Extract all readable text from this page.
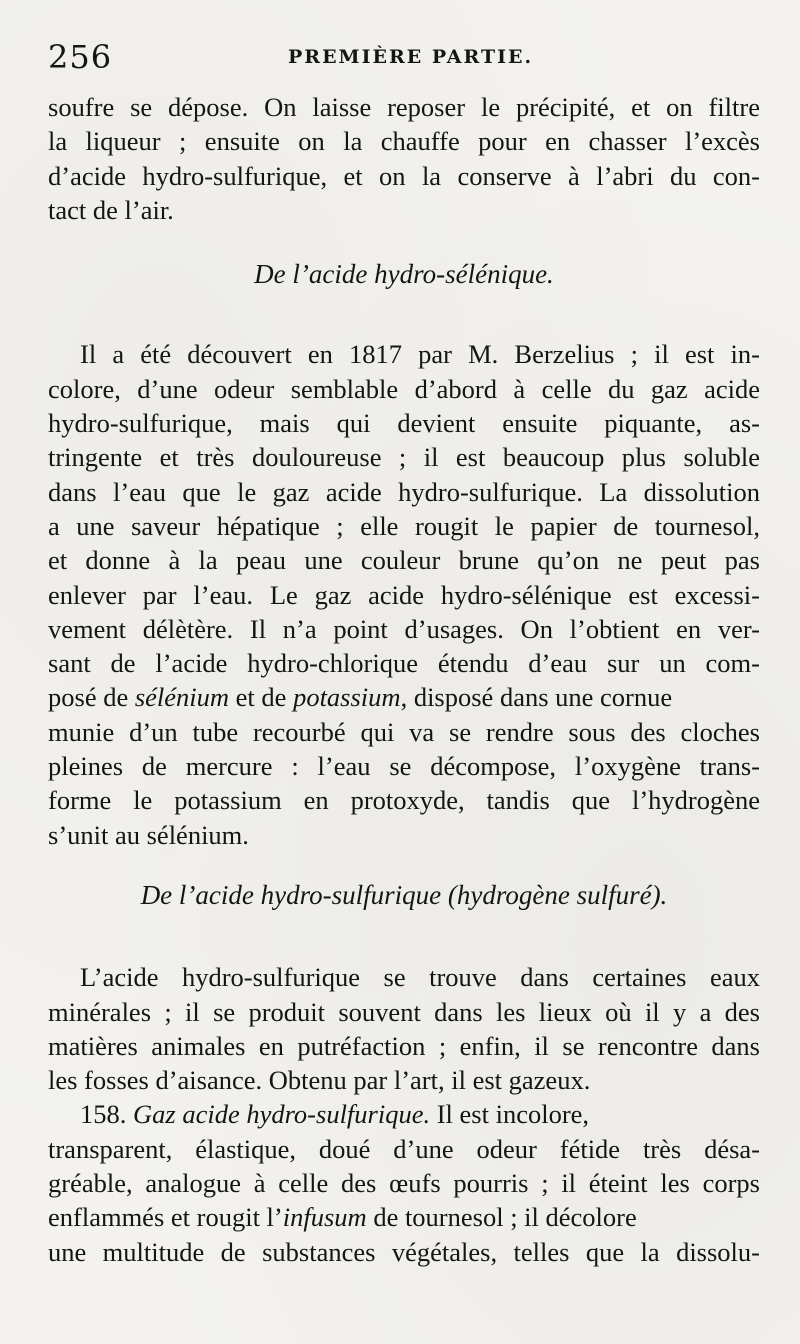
256	PREMIÈRE PARTIE.
soufre se dépose. On laisse reposer le précipité, et on filtre
la liqueur ; ensuite on la chauffe pour en chasser l’excès
d’acide hydro-sulfurique, et on la conserve à l’abri du con-
tact de l’air.
De l’acide hydro-sélénique.
Il a été découvert en 1817 par M. Berzelius ; il est in-
colore, d’une odeur semblable d’abord à celle du gaz acide
hydro-sulfurique, mais qui devient ensuite piquante, as-
tringente et très douloureuse ; il est beaucoup plus soluble
dans l’eau que le gaz acide hydro-sulfurique. La dissolution
a une saveur hépatique ; elle rougit le papier de tournesol,
et donne à la peau une couleur brune qu’on ne peut pas
enlever par l’eau. Le gaz acide hydro-sélénique est excessi-
vement délètère. Il n’a point d’usages. On l’obtient en ver-
sant de l’acide hydro-chlorique étendu d’eau sur un com-
posé de sélénium et de potassium, disposé dans une cornue
munie d’un tube recourbé qui va se rendre sous des cloches
pleines de mercure : l’eau se décompose, l’oxygène trans-
forme le potassium en protoxyde, tandis que l’hydrogène
s’unit au sélénium.
De l’acide hydro-sulfurique (hydrogène sulfuré).
L’acide hydro-sulfurique se trouve dans certaines eaux
minérales ; il se produit souvent dans les lieux où il y a des
matières animales en putréfaction ; enfin, il se rencontre dans
les fosses d’aisance. Obtenu par l’art, il est gazeux.
158. Gaz acide hydro-sulfurique. Il est incolore,
transparent, élastique, doué d’une odeur fétide très désa-
gréable, analogue à celle des œufs pourris ; il éteint les corps
enflammés et rougit l’infusum de tournesol ; il décolore
une multitude de substances végétales, telles que la dissolu-
